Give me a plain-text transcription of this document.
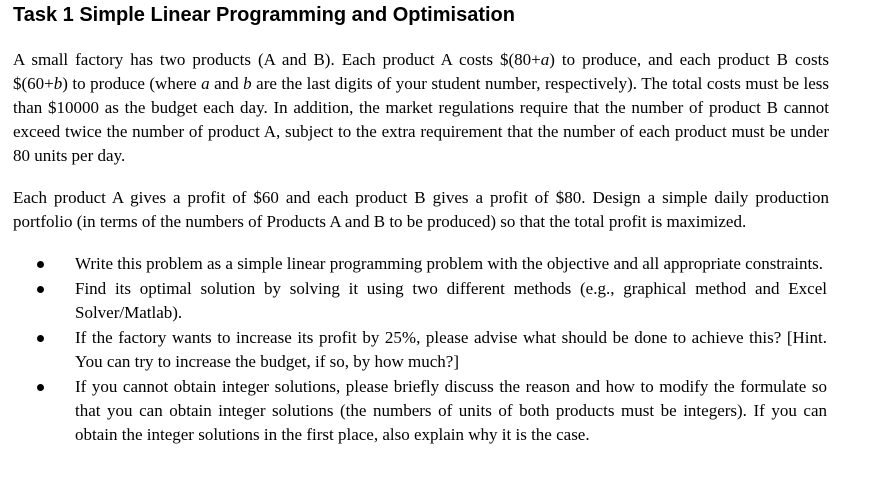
Task 1 Simple Linear Programming and Optimisation

A small factory has two products (A and B). Each product A costs $(80+a) to produce, and each product B costs $(60+b) to produce (where a and b are the last digits of your student number, respectively). The total costs must be less than $10000 as the budget each day. In addition, the market regulations require that the number of product B cannot exceed twice the number of product A, subject to the extra requirement that the number of each product must be under 80 units per day.

Each product A gives a profit of $60 and each product B gives a profit of $80. Design a simple daily production portfolio (in terms of the numbers of Products A and B to be produced) so that the total profit is maximized.

Write this problem as a simple linear programming problem with the objective and all appropriate constraints.
Find its optimal solution by solving it using two different methods (e.g., graphical method and Excel Solver/Matlab).
If the factory wants to increase its profit by 25%, please advise what should be done to achieve this? [Hint. You can try to increase the budget, if so, by how much?]
If you cannot obtain integer solutions, please briefly discuss the reason and how to modify the formulate so that you can obtain integer solutions (the numbers of units of both products must be integers). If you can obtain the integer solutions in the first place, also explain why it is the case.
